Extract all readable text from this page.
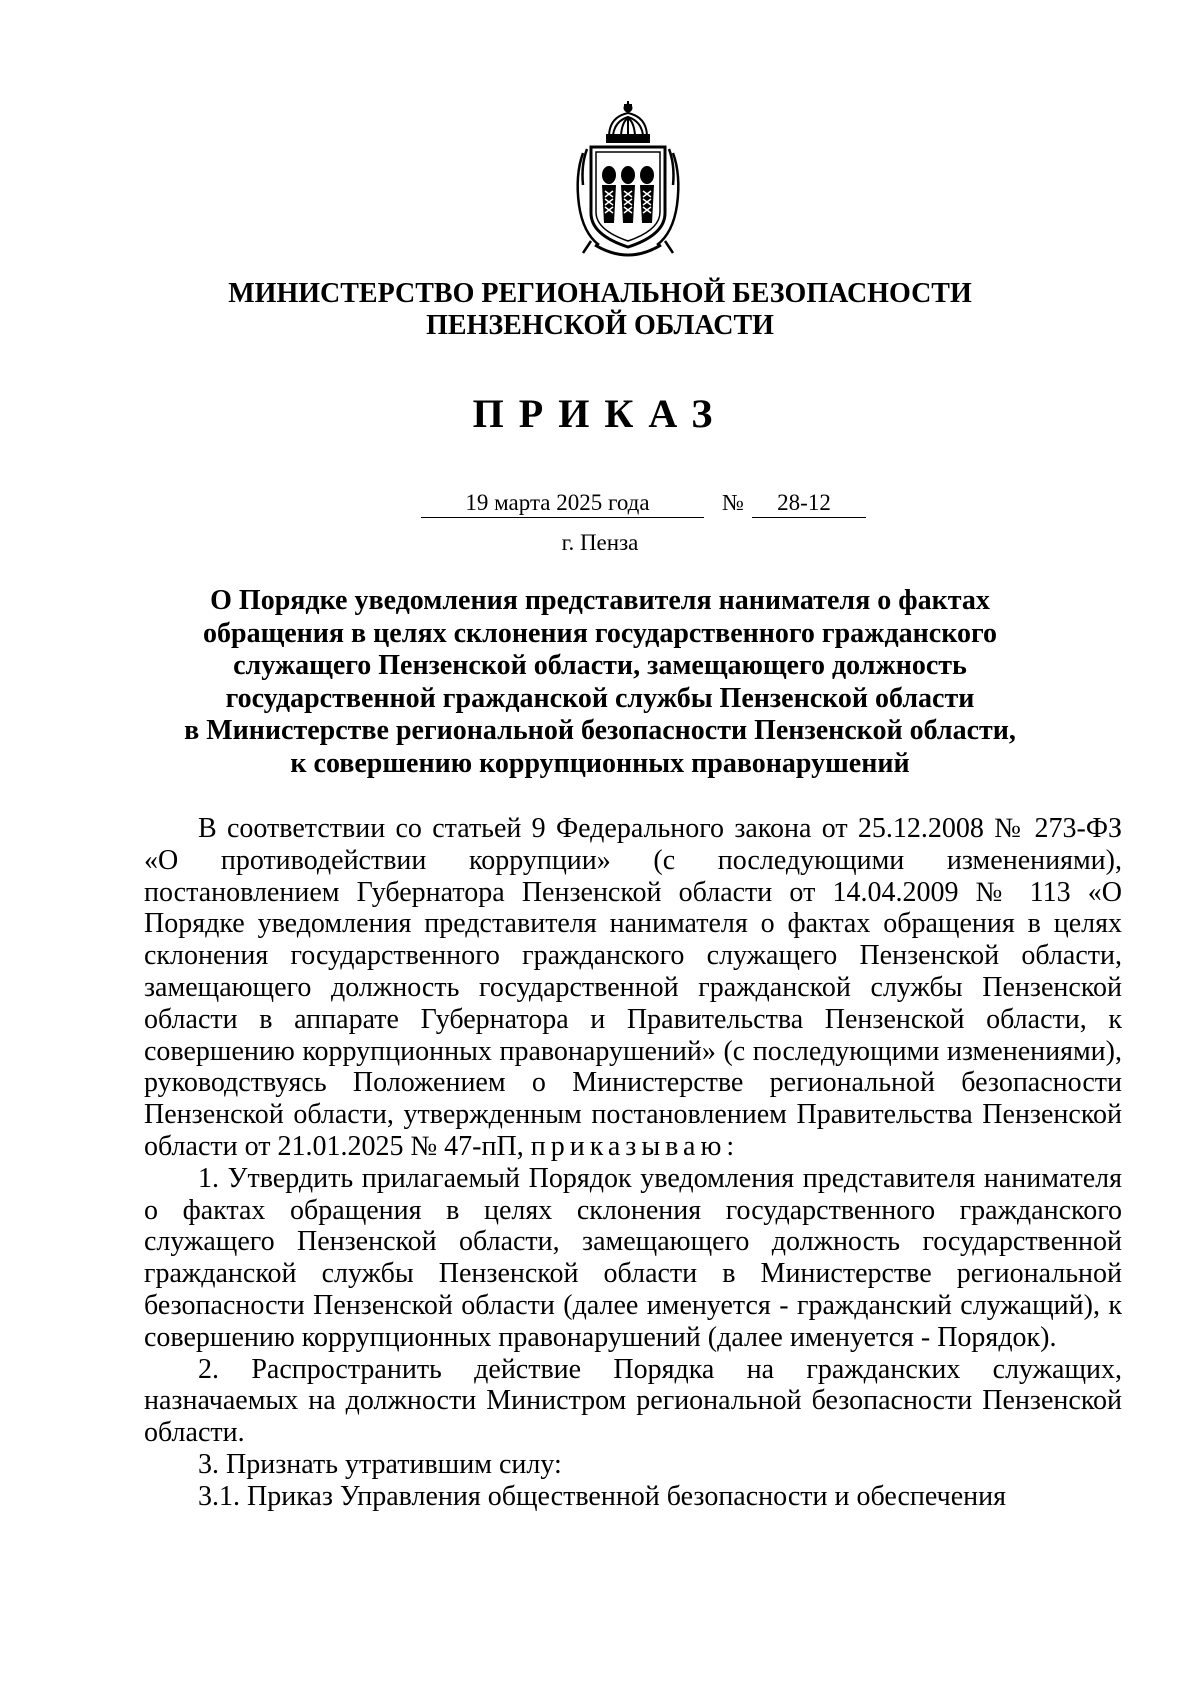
МИНИСТЕРСТВО РЕГИОНАЛЬНОЙ БЕЗОПАСНОСТИ
ПЕНЗЕНСКОЙ ОБЛАСТИ
ПРИКАЗ
19 марта 2025 года	№	28-12
г. Пенза
О Порядке уведомления представителя нанимателя о фактах
обращения в целях склонения государственного гражданского
служащего Пензенской области, замещающего должность
государственной гражданской службы Пензенской области
в Министерстве региональной безопасности Пензенской области,
к совершению коррупционных правонарушений

В соответствии со статьей 9 Федерального закона от 25.12.2008 № 273-ФЗ «О противодействии коррупции» (с последующими изменениями), постановлением Губернатора Пензенской области от 14.04.2009 № 113 «О Порядке уведомления представителя нанимателя о фактах обращения в целях склонения государственного гражданского служащего Пензенской области, замещающего должность государственной гражданской службы Пензенской области в аппарате Губернатора и Правительства Пензенской области, к совершению коррупционных правонарушений» (с последующими изменениями), руководствуясь Положением о Министерстве региональной безопасности Пензенской области, утвержденным постановлением Правительства Пензенской области от 21.01.2025 № 47-пП, приказываю:

1. Утвердить прилагаемый Порядок уведомления представителя нанимателя о фактах обращения в целях склонения государственного гражданского служащего Пензенской области, замещающего должность государственной гражданской службы Пензенской области в Министерстве региональной безопасности Пензенской области (далее именуется - гражданский служащий), к совершению коррупционных правонарушений (далее именуется - Порядок).

2. Распространить действие Порядка на гражданских служащих, назначаемых на должности Министром региональной безопасности Пензенской области.

3. Признать утратившим силу:

3.1. Приказ Управления общественной безопасности и обеспечения
